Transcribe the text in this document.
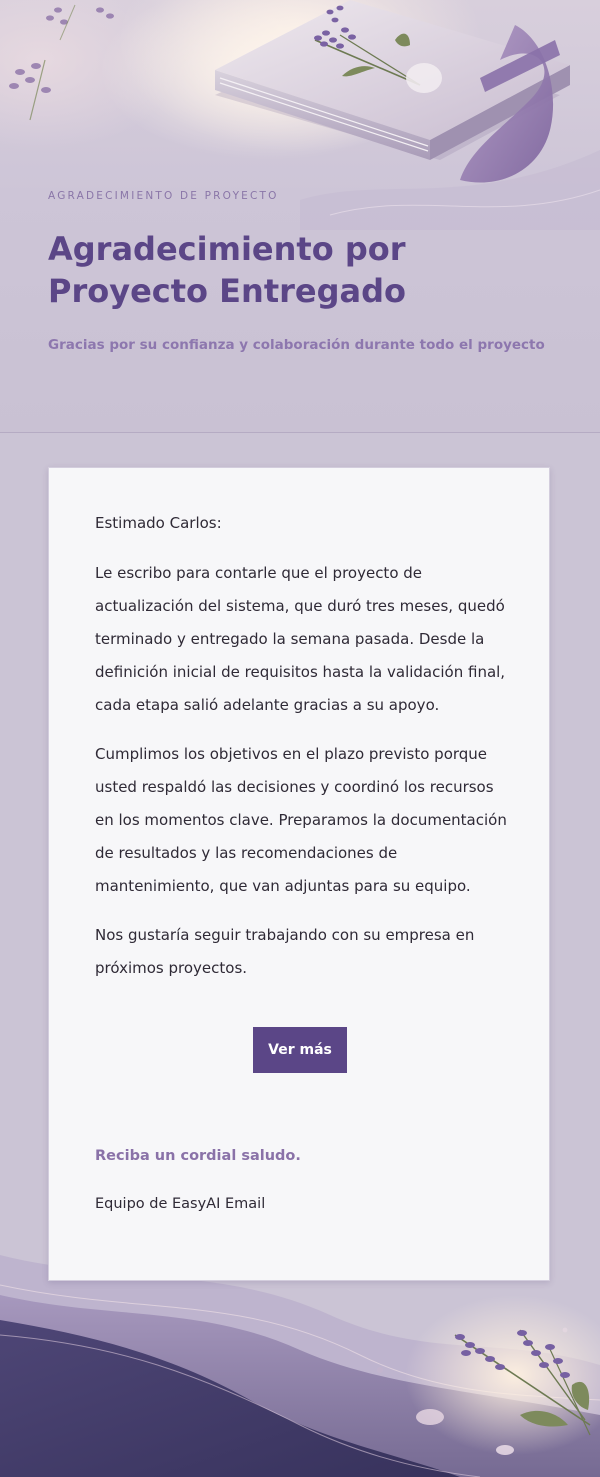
AGRADECIMIENTO DE PROYECTO

Agradecimiento por Proyecto Entregado

Gracias por su confianza y colaboración durante todo el proyecto

Estimado Carlos:

Le escribo para contarle que el proyecto de actualización del sistema, que duró tres meses, quedó terminado y entregado la semana pasada. Desde la definición inicial de requisitos hasta la validación final, cada etapa salió adelante gracias a su apoyo.

Cumplimos los objetivos en el plazo previsto porque usted respaldó las decisiones y coordinó los recursos en los momentos clave. Preparamos la documentación de resultados y las recomendaciones de mantenimiento, que van adjuntas para su equipo.

Nos gustaría seguir trabajando con su empresa en próximos proyectos.

Ver más

Reciba un cordial saludo.

Equipo de EasyAI Email
